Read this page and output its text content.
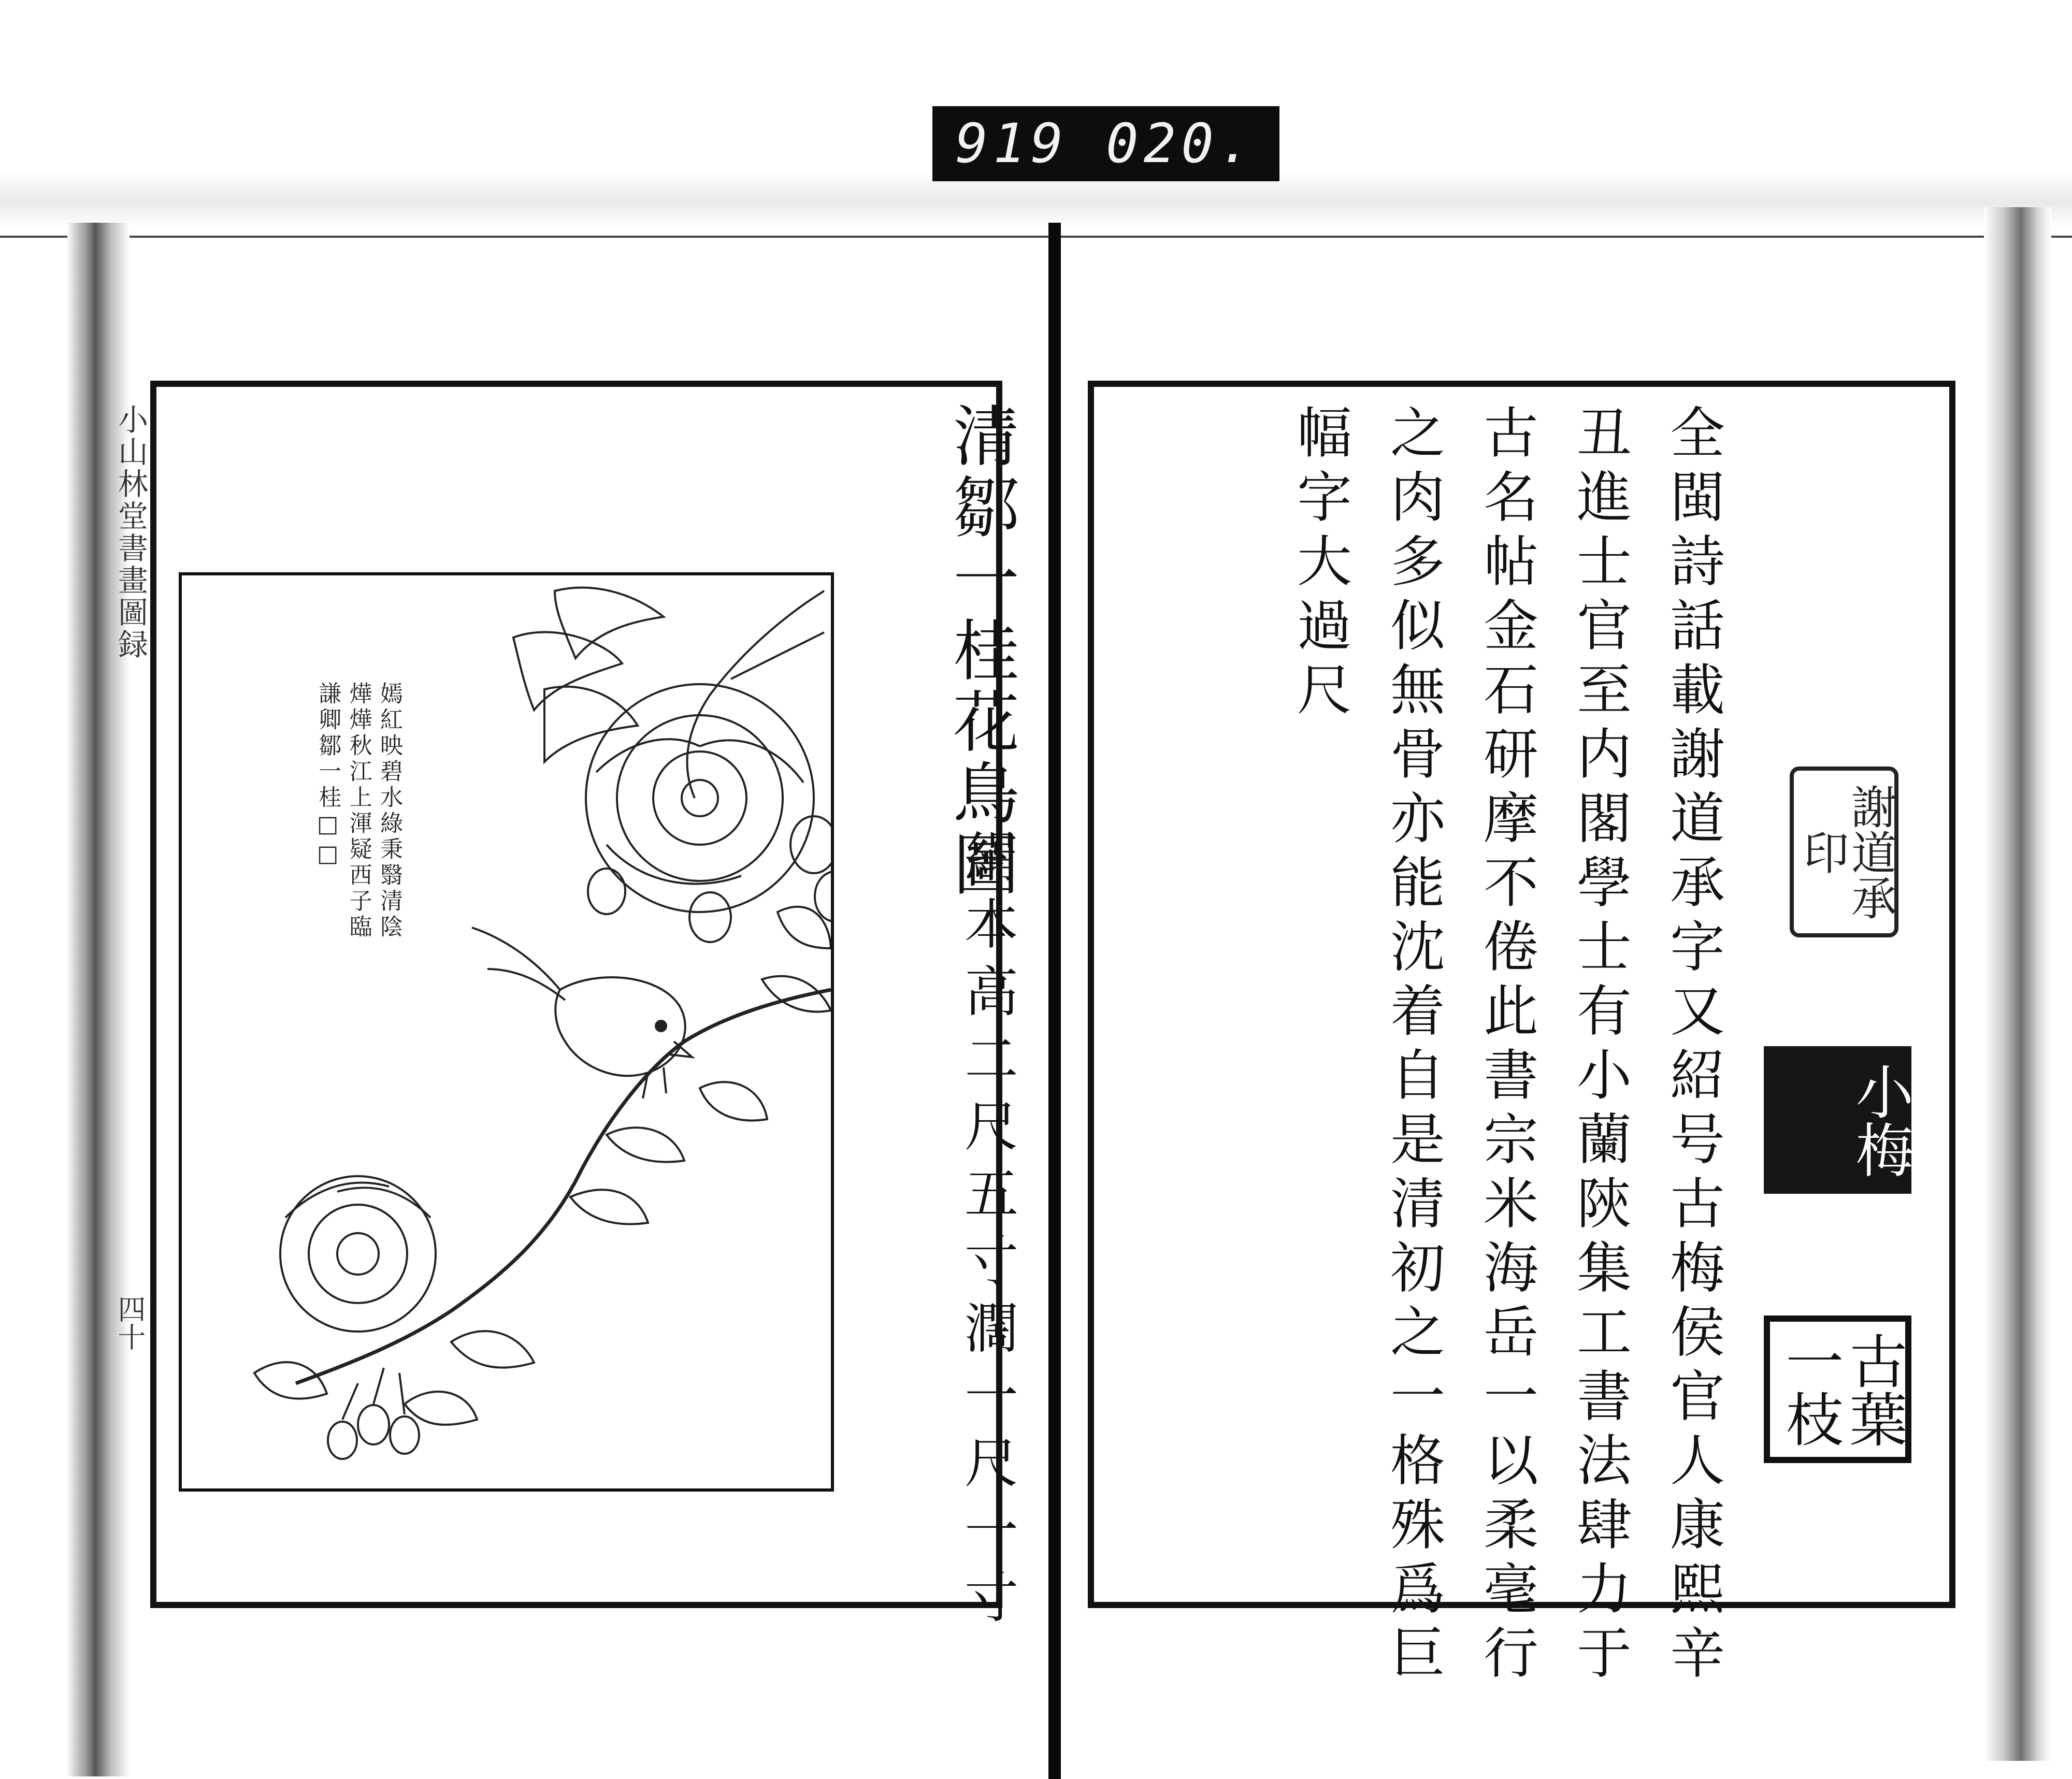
919 020.
小山林堂書畫圖録
四十
嫣紅映碧水綠秉翳清陰
燁燁秋江上渾疑西子臨
謙卿鄒一桂□□	清鄒一桂花鳥圖
絹本高二尺五寸濶一尺一寸	全閩詩話載謝道承字又紹号古梅侯官人康熙辛
丑進士官至内閣學士有小蘭陝集工書法肆力于
古名帖金石研摩不倦此書宗米海岳一以柔毫行
之肉多似無骨亦能沈着自是清初之一格殊爲巨
幅字大過尺
謝道承印
小梅
古葉一枝
